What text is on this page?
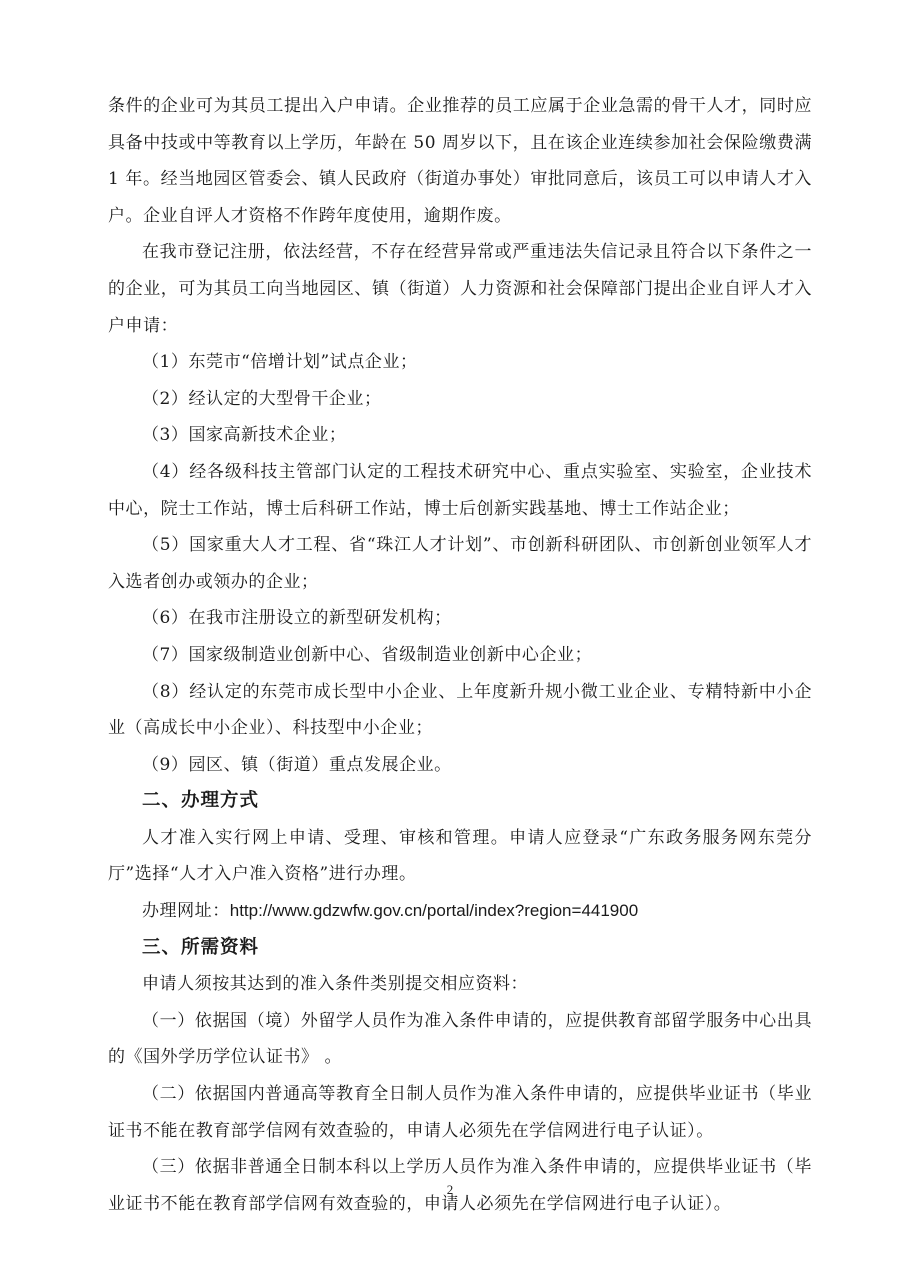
条件的企业可为其员工提出入户申请。企业推荐的员工应属于企业急需的骨干人才，同时应具备中技或中等教育以上学历，年龄在 50 周岁以下，且在该企业连续参加社会保险缴费满 1 年。经当地园区管委会、镇人民政府（街道办事处）审批同意后，该员工可以申请人才入户。企业自评人才资格不作跨年度使用，逾期作废。

在我市登记注册，依法经营，不存在经营异常或严重违法失信记录且符合以下条件之一的企业，可为其员工向当地园区、镇（街道）人力资源和社会保障部门提出企业自评人才入户申请：

（1）东莞市“倍增计划”试点企业；

（2）经认定的大型骨干企业；

（3）国家高新技术企业；

（4）经各级科技主管部门认定的工程技术研究中心、重点实验室、实验室，企业技术中心，院士工作站，博士后科研工作站，博士后创新实践基地、博士工作站企业；

（5）国家重大人才工程、省“珠江人才计划”、市创新科研团队、市创新创业领军人才入选者创办或领办的企业；

（6）在我市注册设立的新型研发机构；

（7）国家级制造业创新中心、省级制造业创新中心企业；

（8）经认定的东莞市成长型中小企业、上年度新升规小微工业企业、专精特新中小企业（高成长中小企业）、科技型中小企业；

（9）园区、镇（街道）重点发展企业。

二、办理方式

人才准入实行网上申请、受理、审核和管理。申请人应登录“广东政务服务网东莞分厅”选择“人才入户准入资格”进行办理。

办理网址：http://www.gdzwfw.gov.cn/portal/index?region=441900

三、所需资料

申请人须按其达到的准入条件类别提交相应资料：

（一）依据国（境）外留学人员作为准入条件申请的，应提供教育部留学服务中心出具的《国外学历学位认证书》 。

（二）依据国内普通高等教育全日制人员作为准入条件申请的，应提供毕业证书（毕业证书不能在教育部学信网有效查验的，申请人必须先在学信网进行电子认证）。

（三）依据非普通全日制本科以上学历人员作为准入条件申请的，应提供毕业证书（毕业证书不能在教育部学信网有效查验的，申请人必须先在学信网进行电子认证）。

2
